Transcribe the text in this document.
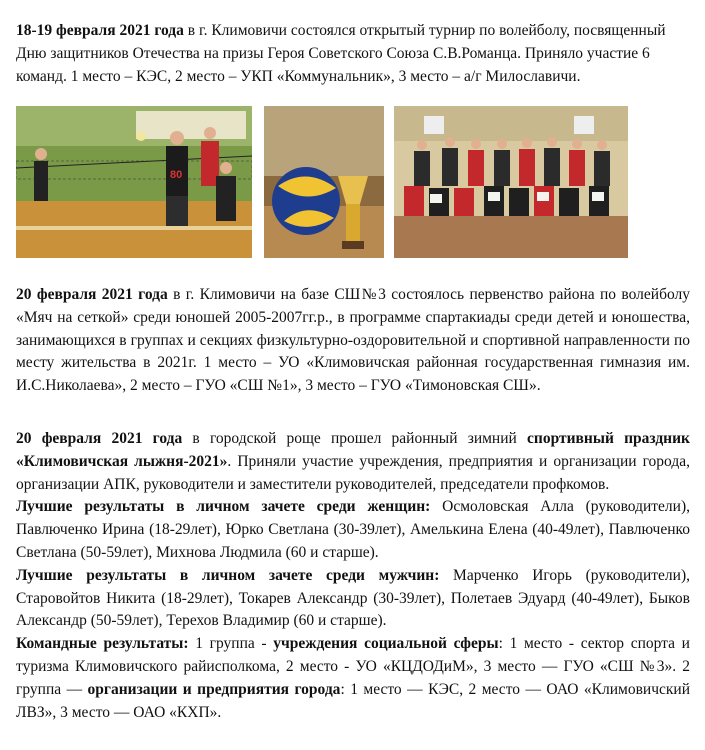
18-19 февраля 2021 года в г. Климовичи состоялся открытый турнир по волейболу, посвященный Дню защитников Отечества на призы Героя Советского Союза С.В.Романца. Приняло участие 6 команд. 1 место – КЭС, 2 место – УКП «Коммунальник», 3 место – а/г Милославичи.

80

20 февраля 2021 года в г. Климовичи на базе СШ№3 состоялось первенство района по волейболу «Мяч на сеткой» среди юношей 2005-2007гг.р., в программе спартакиады среди детей и юношества, занимающихся в группах и секциях физкультурно-оздоровительной и спортивной направленности по месту жительства в 2021г. 1 место – УО «Климовичская районная государственная гимназия им. И.С.Николаева», 2 место – ГУО «СШ №1», 3 место – ГУО «Тимоновская СШ».

20 февраля 2021 года в городской роще прошел районный зимний спортивный праздник «Климовичская лыжня-2021». Приняли участие учреждения, предприятия и организации города, организации АПК, руководители и заместители руководителей, председатели профкомов.

Лучшие результаты в личном зачете среди женщин: Осмоловская Алла (руководители), Павлюченко Ирина (18-29лет), Юрко Светлана (30-39лет), Амелькина Елена (40-49лет), Павлюченко Светлана (50-59лет), Михнова Людмила (60 и старше).

Лучшие результаты в личном зачете среди мужчин: Марченко Игорь (руководители), Старовойтов Никита (18-29лет), Токарев Александр (30-39лет), Полетаев Эдуард (40-49лет), Быков Александр (50-59лет), Терехов Владимир (60 и старше).

Командные результаты: 1 группа - учреждения социальной сферы: 1 место - сектор спорта и туризма Климовичского райисполкома, 2 место - УО «КЦДОДиМ», 3 место — ГУО «СШ №3». 2 группа — организации и предприятия города: 1 место — КЭС, 2 место — ОАО «Климовичский ЛВЗ», 3 место — ОАО «КХП».
